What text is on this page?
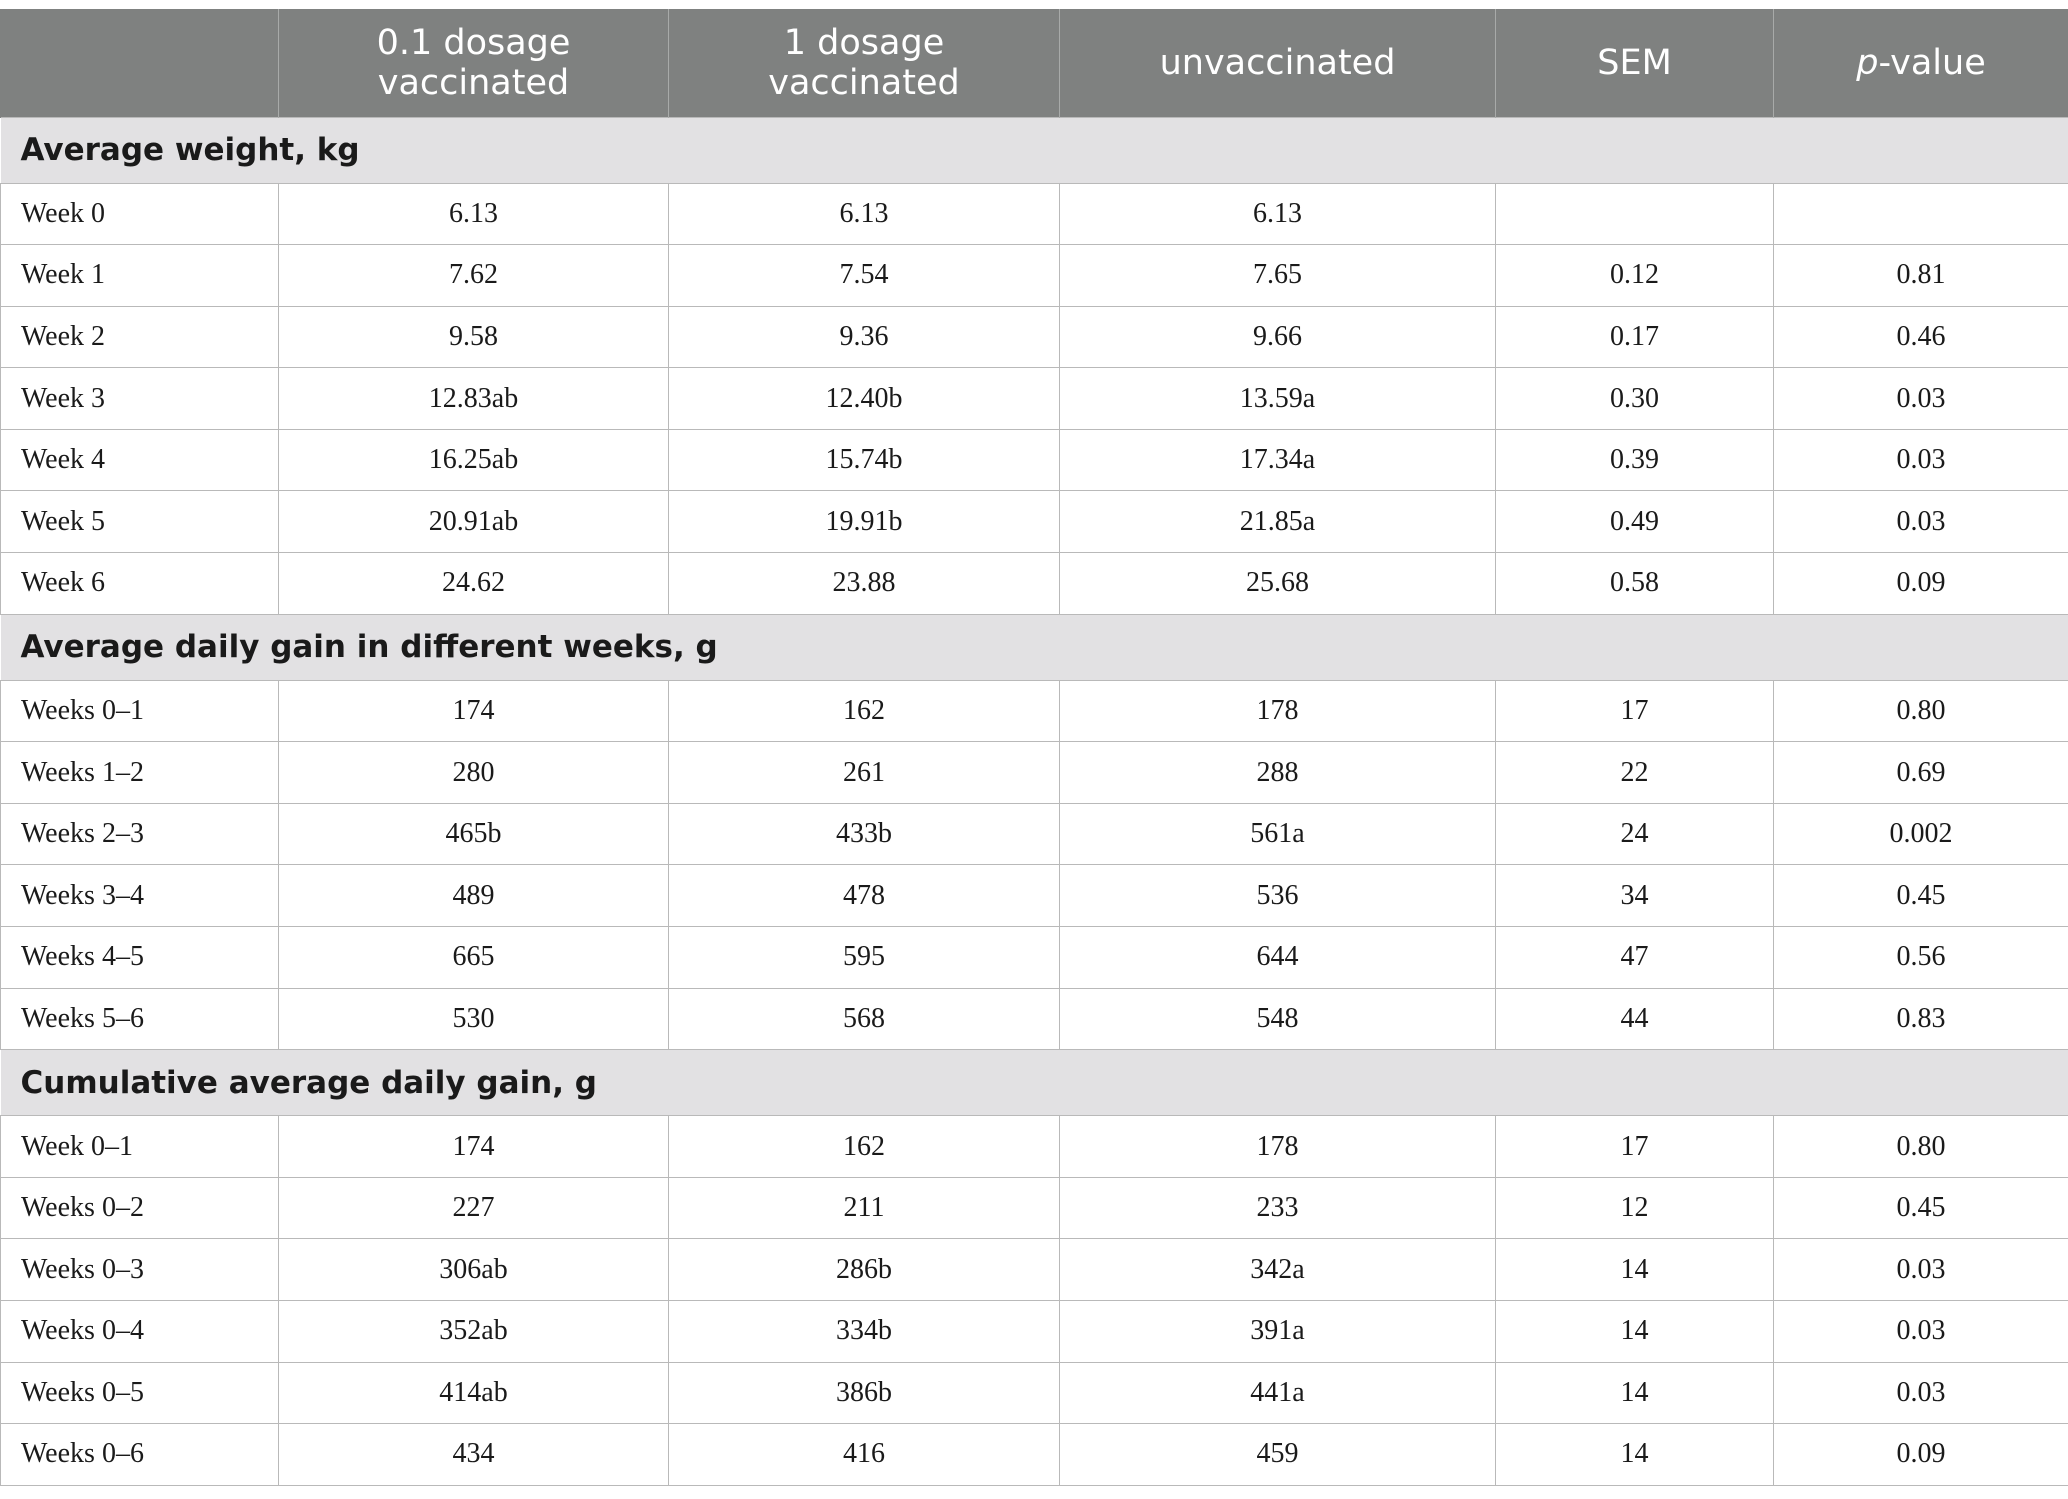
	0.1 dosage vaccinated	1 dosage vaccinated	unvaccinated	SEM	p-value
Average weight, kg					
Week 0	6.13	6.13	6.13		
Week 1	7.62	7.54	7.65	0.12	0.81
Week 2	9.58	9.36	9.66	0.17	0.46
Week 3	12.83ab	12.40b	13.59a	0.30	0.03
Week 4	16.25ab	15.74b	17.34a	0.39	0.03
Week 5	20.91ab	19.91b	21.85a	0.49	0.03
Week 6	24.62	23.88	25.68	0.58	0.09
Average daily gain in different weeks, g					
Weeks 0–1	174	162	178	17	0.80
Weeks 1–2	280	261	288	22	0.69
Weeks 2–3	465b	433b	561a	24	0.002
Weeks 3–4	489	478	536	34	0.45
Weeks 4–5	665	595	644	47	0.56
Weeks 5–6	530	568	548	44	0.83
Cumulative average daily gain, g					
Week 0–1	174	162	178	17	0.80
Weeks 0–2	227	211	233	12	0.45
Weeks 0–3	306ab	286b	342a	14	0.03
Weeks 0–4	352ab	334b	391a	14	0.03
Weeks 0–5	414ab	386b	441a	14	0.03
Weeks 0–6	434	416	459	14	0.09
